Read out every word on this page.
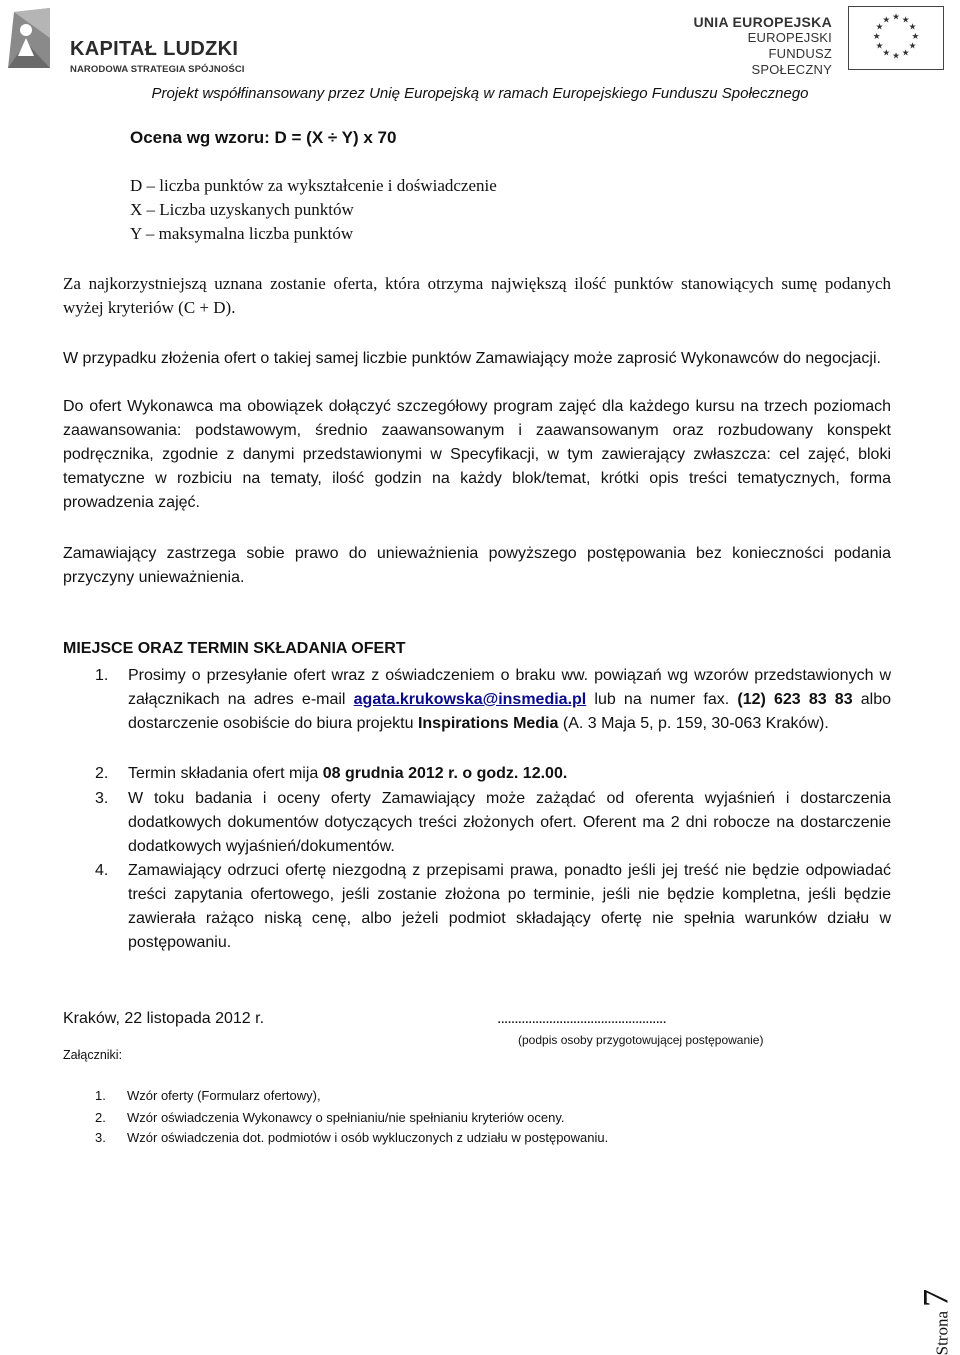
KAPITAŁ LUDZKI
NARODOWA STRATEGIA SPÓJNOŚCI
UNIA EUROPEJSKA
EUROPEJSKI
FUNDUSZ SPOŁECZNY
★ ★
★
★
★
★
★
★
★
★
★
★
Projekt współfinansowany przez Unię Europejską w ramach Europejskiego Funduszu Społecznego
Ocena wg wzoru: D = (X ÷ Y) x 70
D – liczba punktów za wykształcenie i doświadczenie
X – Liczba uzyskanych punktów
Y – maksymalna liczba punktów
Za najkorzystniejszą uznana zostanie oferta, która otrzyma największą ilość punktów stanowiących sumę podanych wyżej kryteriów (C + D).
W przypadku złożenia ofert o takiej samej liczbie punktów Zamawiający może zaprosić Wykonawców do negocjacji.
Do ofert Wykonawca ma obowiązek dołączyć szczegółowy program zajęć dla każdego kursu na trzech poziomach zaawansowania: podstawowym, średnio zaawansowanym i zaawansowanym oraz rozbudowany konspekt podręcznika, zgodnie z danymi przedstawionymi w Specyfikacji, w tym zawierający zwłaszcza: cel zajęć, bloki tematyczne w rozbiciu na tematy, ilość godzin na każdy blok/temat, krótki opis treści tematycznych, forma prowadzenia zajęć.
Zamawiający zastrzega sobie prawo do unieważnienia powyższego postępowania bez konieczności podania przyczyny unieważnienia.
MIEJSCE ORAZ TERMIN SKŁADANIA OFERT
1.	Prosimy o przesyłanie ofert wraz z oświadczeniem o braku ww. powiązań wg wzorów przedstawionych w załącznikach na adres e-mail agata.krukowska@insmedia.pl lub na numer fax. (12) 623 83 83 albo dostarczenie osobiście do biura projektu Inspirations Media (A. 3 Maja 5, p. 159, 30-063 Kraków).
2.	Termin składania ofert mija 08 grudnia 2012 r. o godz. 12.00.
3.	W toku badania i oceny oferty Zamawiający może zażądać od oferenta wyjaśnień i dostarczenia dodatkowych dokumentów dotyczących treści złożonych ofert. Oferent ma 2 dni robocze na dostarczenie dodatkowych wyjaśnień/dokumentów.
4.	Zamawiający odrzuci ofertę niezgodną z przepisami prawa, ponadto jeśli jej treść nie będzie odpowiadać treści zapytania ofertowego, jeśli zostanie złożona po terminie, jeśli nie będzie kompletna, jeśli będzie zawierała rażąco niską cenę, albo jeżeli podmiot składający ofertę nie spełnia warunków działu w postępowaniu.
Kraków, 22 listopada 2012 r.	.................................................
(podpis osoby przygotowującej postępowanie)
Załączniki:
1. Wzór oferty (Formularz ofertowy),
2. Wzór oświadczenia Wykonawcy o spełnianiu/nie spełnianiu kryteriów oceny.
3. Wzór oświadczenia dot. podmiotów i osób wykluczonych z udziału w postępowaniu.
Strona 7
